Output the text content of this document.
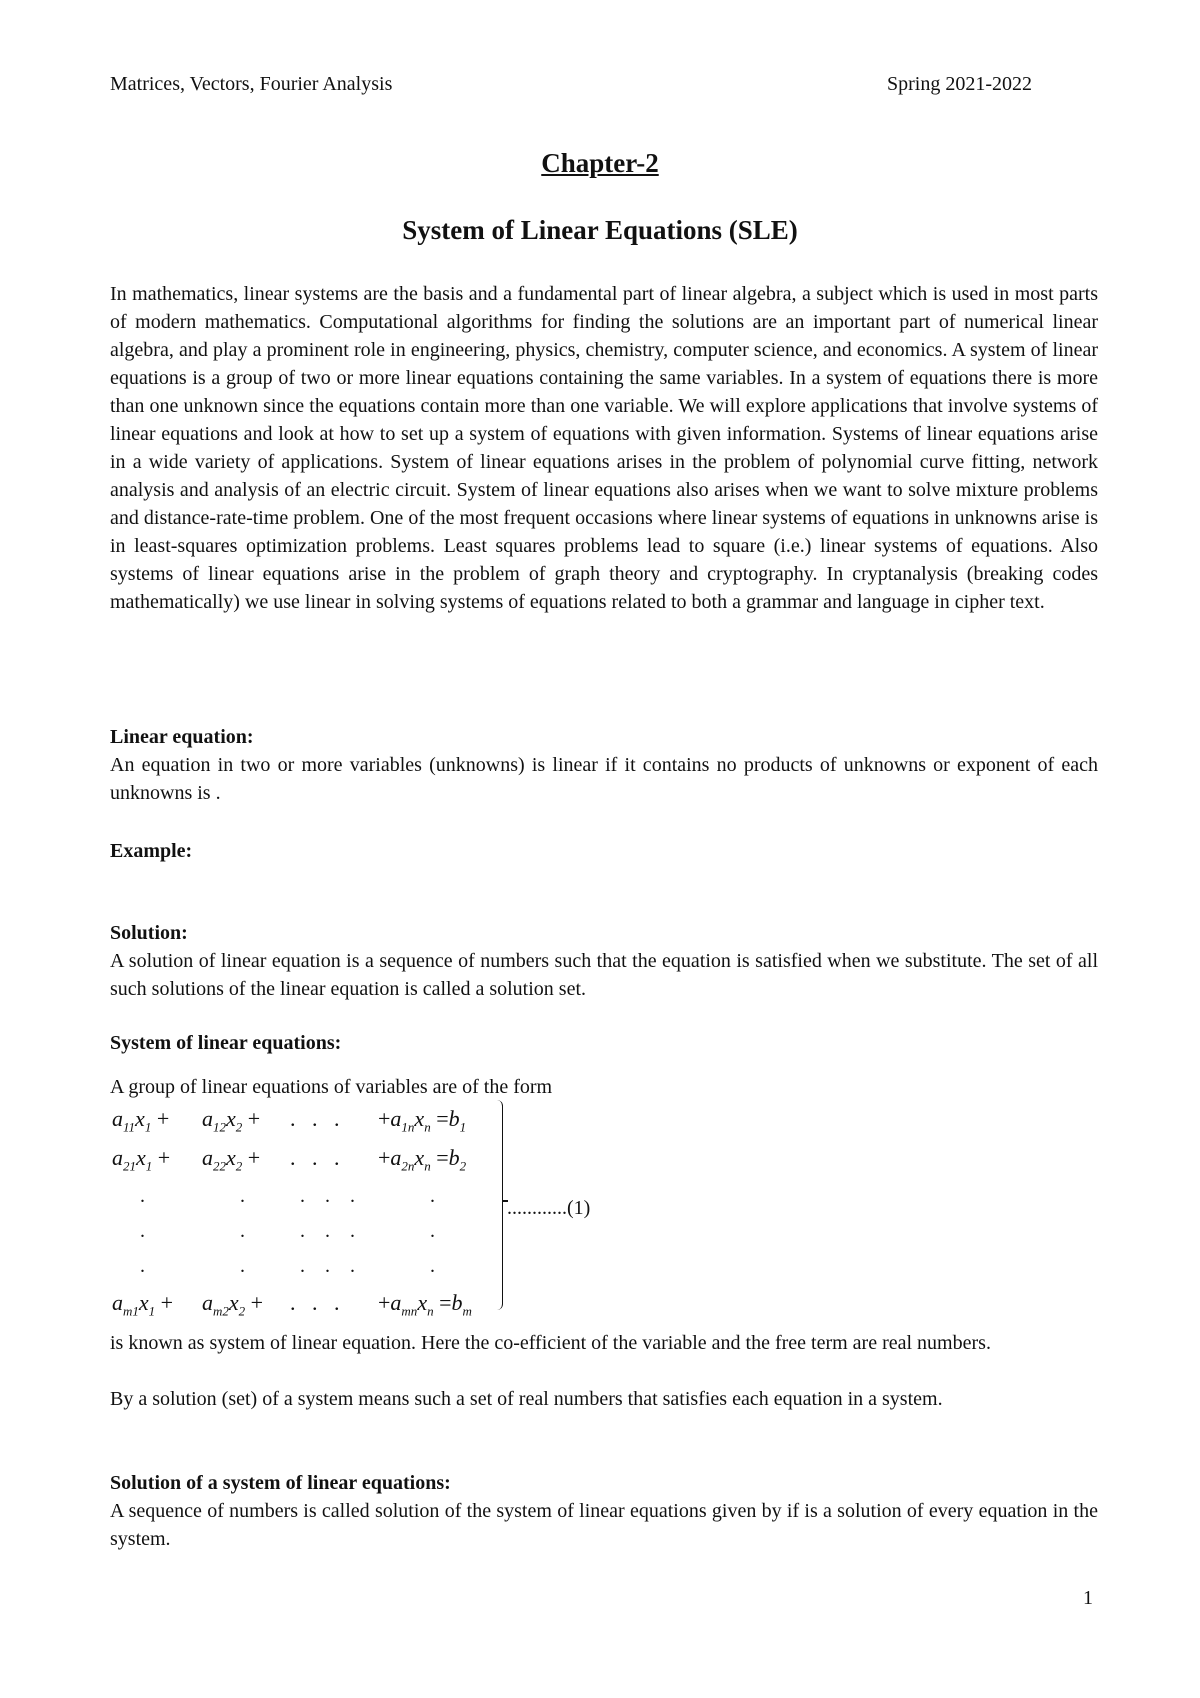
Matrices, Vectors, Fourier Analysis	Spring 2021-2022
Chapter-2
System of Linear Equations (SLE)

In mathematics, linear systems are the basis and a fundamental part of linear algebra, a subject which is used in most parts of modern mathematics. Computational algorithms for finding the solutions are an important part of numerical linear algebra, and play a prominent role in engineering, physics, chemistry, computer science, and economics. A system of linear equations is a group of two or more linear equations containing the same variables. In a system of equations there is more than one unknown since the equations contain more than one variable. We will explore applications that involve systems of linear equations and look at how to set up a system of equations with given information. Systems of linear equations arise in a wide variety of applications. System of linear equations arises in the problem of polynomial curve fitting, network analysis and analysis of an electric circuit. System of linear equations also arises when we want to solve mixture problems and distance-rate-time problem. One of the most frequent occasions where linear systems of equations in unknowns arise is in least-squares optimization problems. Least squares problems lead to square (i.e.) linear systems of equations. Also systems of linear equations arise in the problem of graph theory and cryptography. In cryptanalysis (breaking codes mathematically) we use linear in solving systems of equations related to both a grammar and language in cipher text.

Linear equation:

An equation in two or more variables (unknowns) is linear if it contains no products of unknowns or exponent of each unknowns is .

Example:

Solution:

A solution of linear equation is a sequence of numbers such that the equation is satisfied when we substitute. The set of all such solutions of the linear equation is called a solution set.

System of linear equations:

A group of linear equations of variables are of the form

$a_{11}x_1 + a_{12}x_2$ + .   .   . $+a_{1n}x_n =b_1$
$a_{21}x_1 + a_{22}x_2$ + .   .   . $+a_{2n}x_n =b_2$
.                   .           .    .    .               .
.                   .           .    .    .               .
.                   .           .    .    .               .
$a_{m1}x_1 + a_{m2}x_2$ + .   .   . $+a_{mn}x_n =b_m$
............(1)

is known as system of linear equation. Here the co-efficient of the variable and the free term are real numbers.

By a solution (set) of a system means such a set of real numbers that satisfies each equation in a system.

Solution of a system of linear equations:

A sequence of numbers is called solution of the system of linear equations given by if is a solution of every equation in the system.

1
